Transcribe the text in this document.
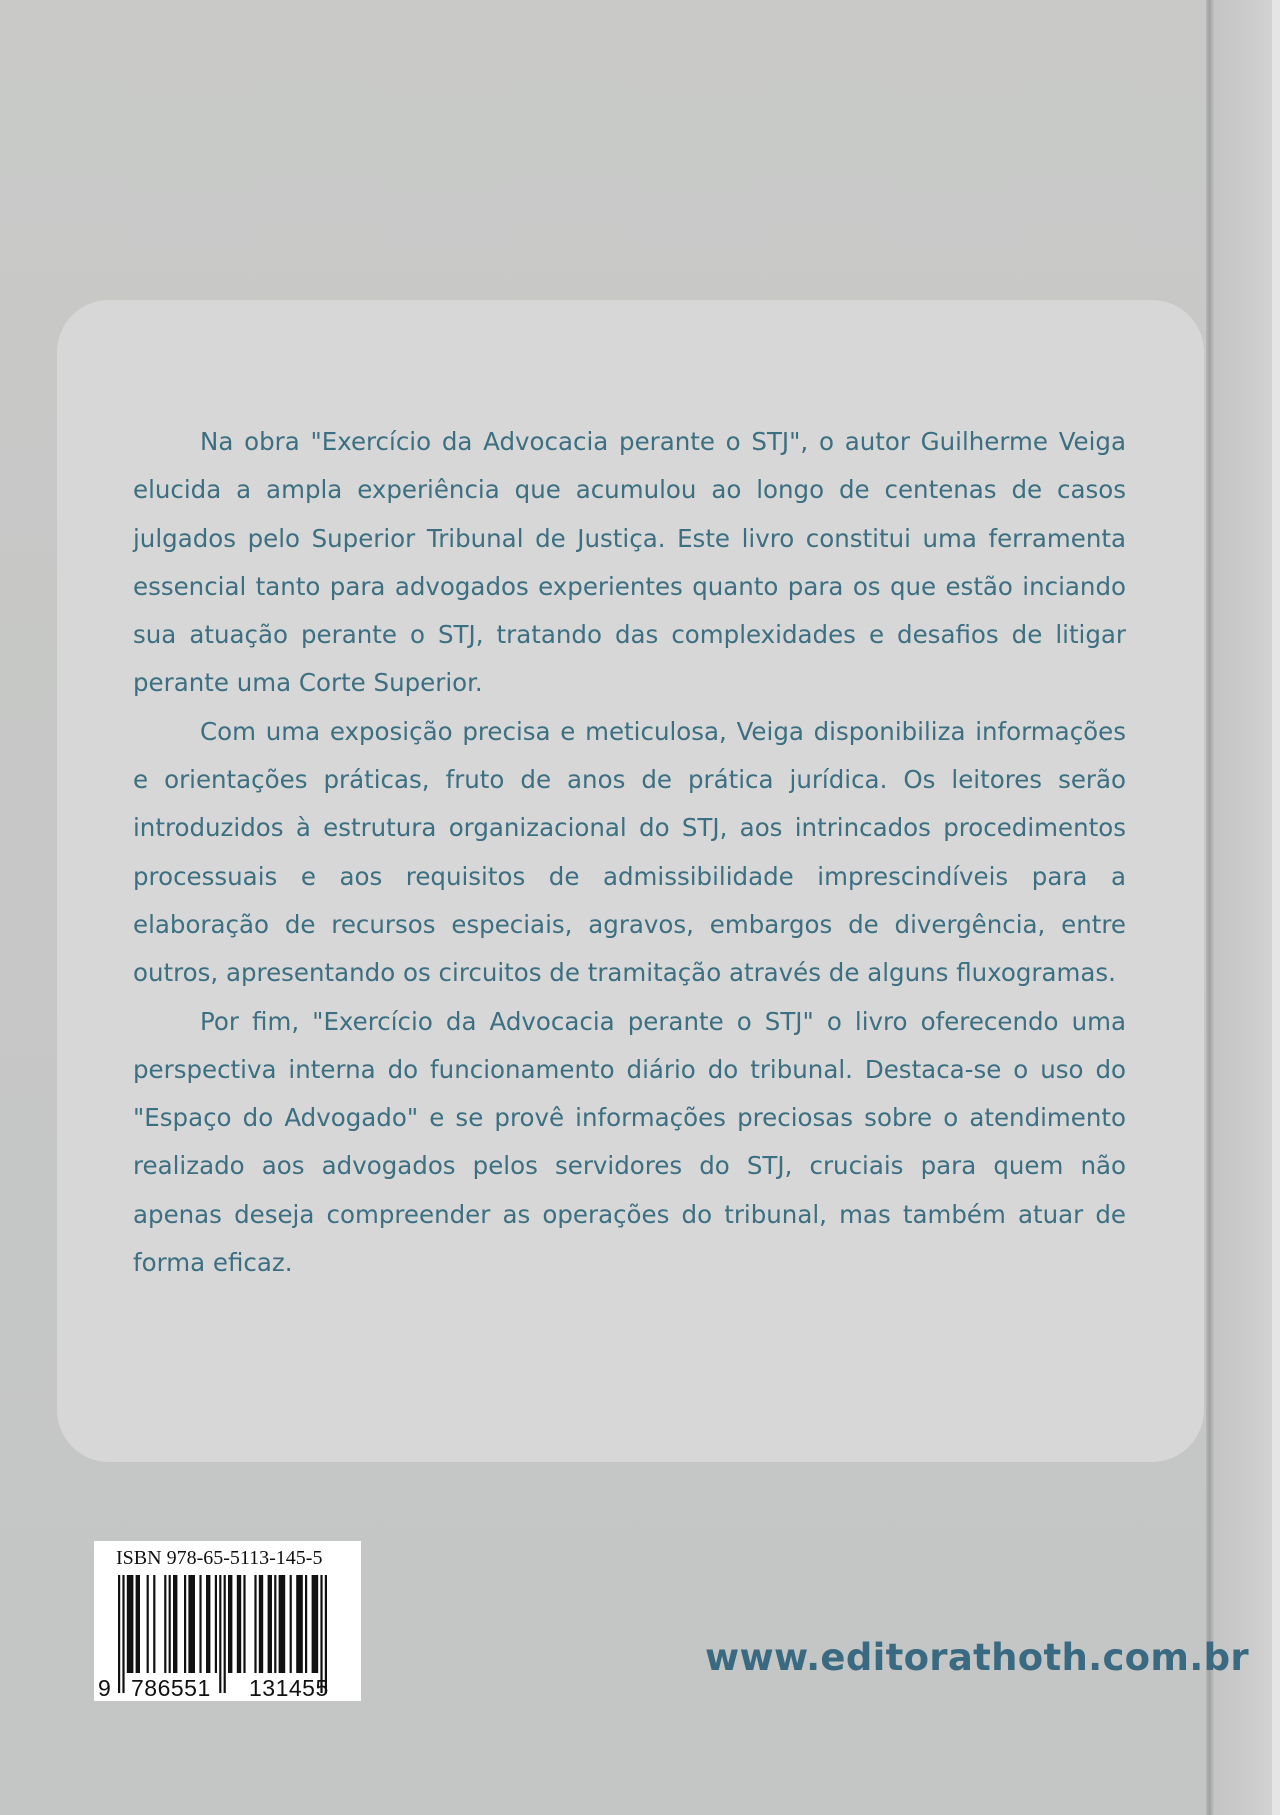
Na obra "Exercício da Advocacia perante o STJ", o autor Guilherme Veiga elucida a ampla experiência que acumulou ao longo de centenas de casos julgados pelo Superior Tribunal de Justiça. Este livro constitui uma ferramenta essencial tanto para advogados experientes quanto para os que estão inciando sua atuação perante o STJ, tratando das complexidades e desafios de litigar perante uma Corte Superior.

Com uma exposição precisa e meticulosa, Veiga disponibiliza informações e orientações práticas, fruto de anos de prática jurídica. Os leitores serão introduzidos à estrutura organizacional do STJ, aos intrincados procedimentos processuais e aos requisitos de admissibilidade imprescindíveis para a elaboração de recursos especiais, agravos, embargos de divergência, entre outros, apresentando os circuitos de tramitação através de alguns fluxogramas.

Por fim, "Exercício da Advocacia perante o STJ" o livro oferecendo uma perspectiva interna do funcionamento diário do tribunal. Destaca-se o uso do "Espaço do Advogado" e se provê informações preciosas sobre o atendimento realizado aos advogados pelos servidores do STJ, cruciais para quem não apenas deseja compreender as operações do tribunal, mas também atuar de forma eficaz.

ISBN 978-65-5113-145-5
9 786551 131455
www.editorathoth.com.br
